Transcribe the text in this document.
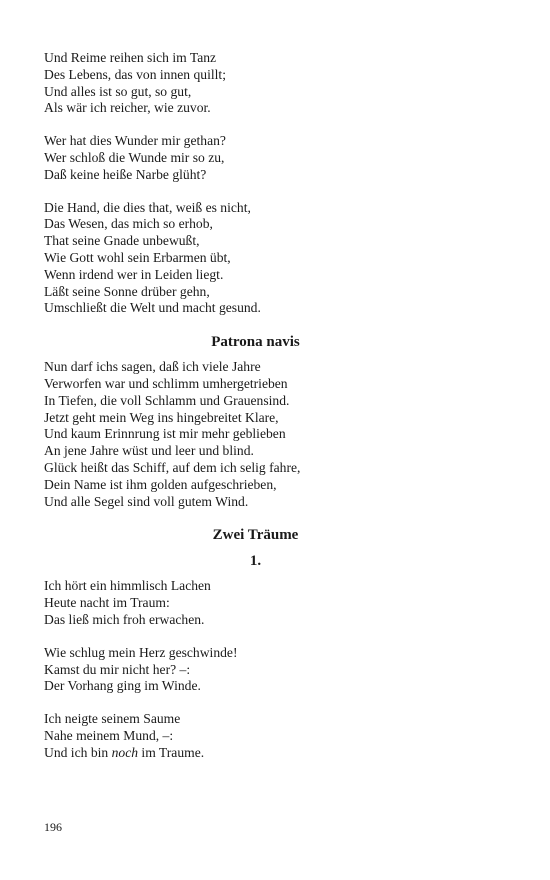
Und Reime reihen sich im Tanz
Des Lebens, das von innen quillt;
Und alles ist so gut, so gut,
Als wär ich reicher, wie zuvor.
Wer hat dies Wunder mir gethan?
Wer schloß die Wunde mir so zu,
Daß keine heiße Narbe glüht?
Die Hand, die dies that, weiß es nicht,
Das Wesen, das mich so erhob,
That seine Gnade unbewußt,
Wie Gott wohl sein Erbarmen übt,
Wenn irdend wer in Leiden liegt.
Läßt seine Sonne drüber gehn,
Umschließt die Welt und macht gesund.
Patrona navis
Nun darf ichs sagen, daß ich viele Jahre
Verworfen war und schlimm umhergetrieben
In Tiefen, die voll Schlamm und Grauensind.
Jetzt geht mein Weg ins hingebreitet Klare,
Und kaum Erinnrung ist mir mehr geblieben
An jene Jahre wüst und leer und blind.
Glück heißt das Schiff, auf dem ich selig fahre,
Dein Name ist ihm golden aufgeschrieben,
Und alle Segel sind voll gutem Wind.
Zwei Träume
1.
Ich hört ein himmlisch Lachen
Heute nacht im Traum:
Das ließ mich froh erwachen.
Wie schlug mein Herz geschwinde!
Kamst du mir nicht her? –:
Der Vorhang ging im Winde.
Ich neigte seinem Saume
Nahe meinem Mund, –:
Und ich bin noch im Traume.
196
